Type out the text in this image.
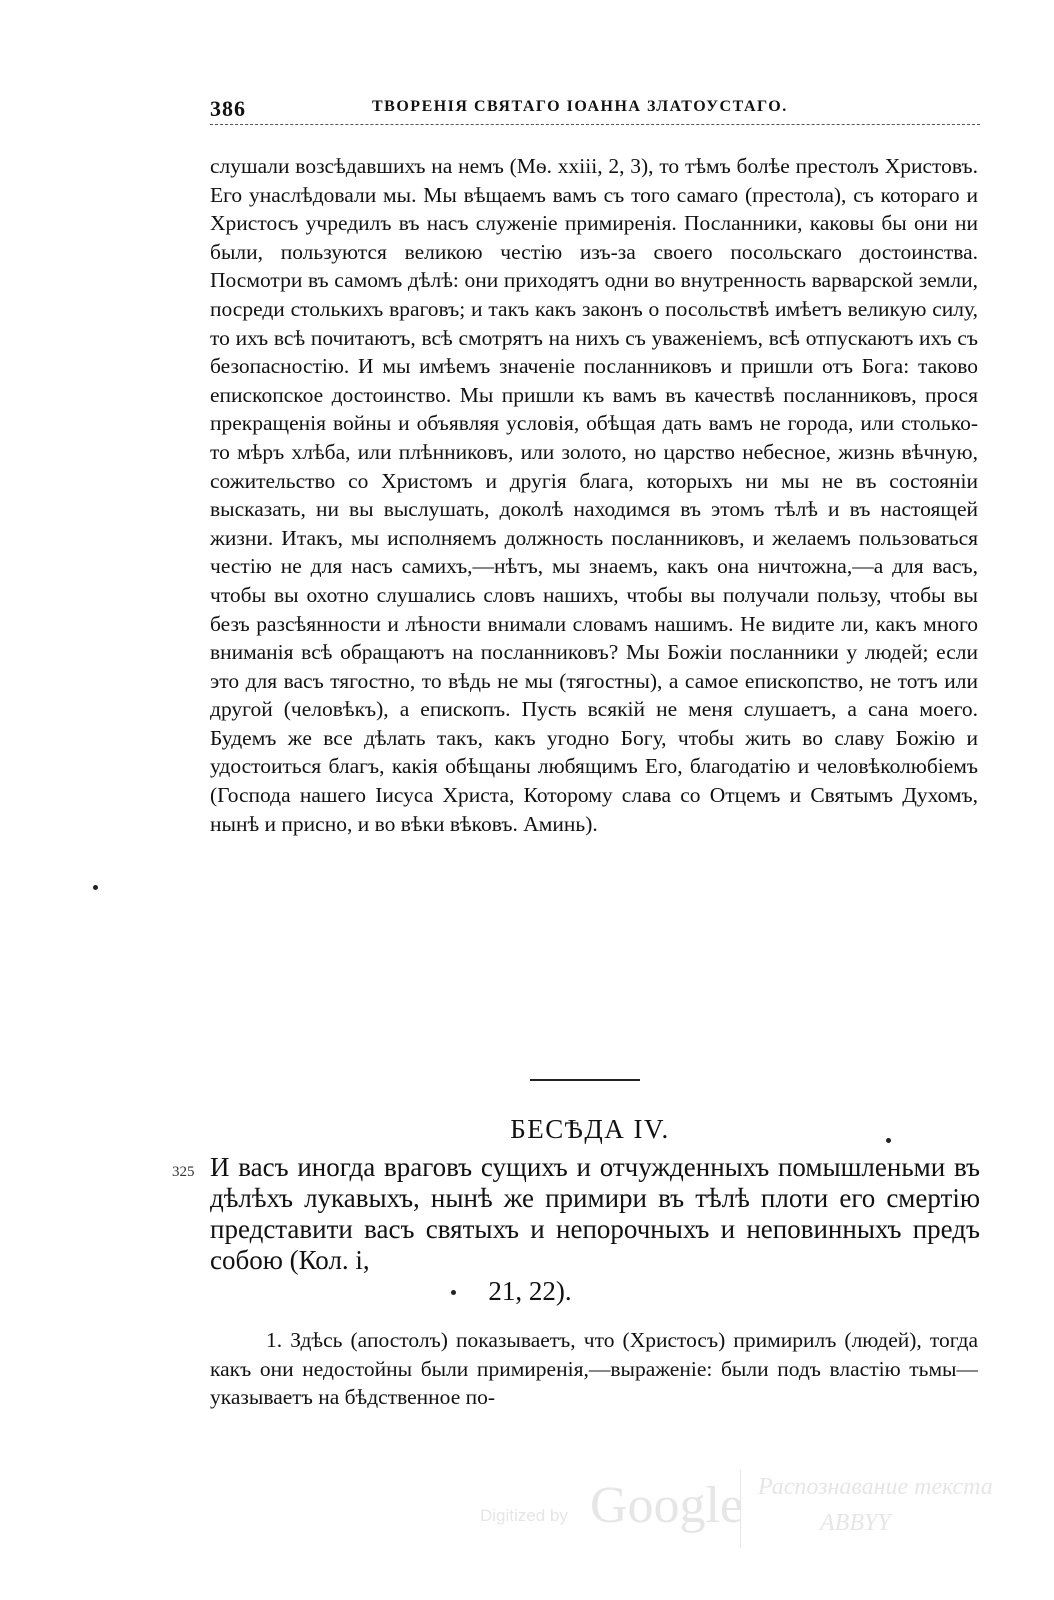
386	ТВОРЕНІЯ СВЯТАГО ІОАННА ЗЛАТОУСТАГО.
слушали возсѣдавшихъ на немъ (Мѳ. xxiii, 2, 3), то тѣмъ болѣе престолъ Христовъ. Его унаслѣдовали мы. Мы вѣщаемъ вамъ съ того самаго (престола), съ котораго и Христосъ учредилъ въ насъ служеніе примиренія. Посланники, каковы бы они ни были, пользуются великою честію изъ-за своего посольскаго достоинства. Посмотри въ самомъ дѣлѣ: они приходятъ одни во внутренность варварской земли, посреди столькихъ враговъ; и такъ какъ законъ о посольствѣ имѣетъ великую силу, то ихъ всѣ почитаютъ, всѣ смотрятъ на нихъ съ уваженіемъ, всѣ отпускаютъ ихъ съ безопасностію. И мы имѣемъ значеніе посланниковъ и пришли отъ Бога: таково епископское достоинство. Мы пришли къ вамъ въ качествѣ посланниковъ, прося прекращенія войны и объявляя условія, обѣщая дать вамъ не города, или столько-то мѣръ хлѣба, или плѣнниковъ, или золото, но царство небесное, жизнь вѣчную, сожительство со Христомъ и другія блага, которыхъ ни мы не въ состояніи высказать, ни вы выслушать, доколѣ находимся въ этомъ тѣлѣ и въ настоящей жизни. Итакъ, мы исполняемъ должность посланниковъ, и желаемъ пользоваться честію не для насъ самихъ,—нѣтъ, мы знаемъ, какъ она ничтожна,—а для васъ, чтобы вы охотно слушались словъ нашихъ, чтобы вы получали пользу, чтобы вы безъ разсѣянности и лѣности внимали словамъ нашимъ. Не видите ли, какъ много вниманія всѣ обращаютъ на посланниковъ? Мы Божіи посланники у людей; если это для васъ тягостно, то вѣдь не мы (тягостны), а самое епископство, не тотъ или другой (человѣкъ), а епископъ. Пусть всякій не меня слушаетъ, а сана моего. Будемъ же все дѣлать такъ, какъ угодно Богу, чтобы жить во славу Божію и удостоиться благъ, какія обѣщаны любящимъ Его, благодатію и человѣколюбіемъ (Господа нашего Іисуса Христа, Которому слава со Отцемъ и Святымъ Духомъ, нынѣ и присно, и во вѣки вѣковъ. Аминь).
БЕСѢДА IV.
325 И васъ иногда враговъ сущихъ и отчужденныхъ помышленьми въ дѣлѣхъ лукавыхъ, нынѣ же примири въ тѣлѣ плоти его смертію представити васъ святыхъ и непорочныхъ и неповинныхъ предъ собою (Кол. i,
21, 22).
1. Здѣсь (апостолъ) показываетъ, что (Христосъ) примирилъ (людей), тогда какъ они недостойны были примиренія,—выраженіе: были подъ властію тьмы—указываетъ на бѣдственное по-
Digitized by Google Распознавание текста
АВВYY
